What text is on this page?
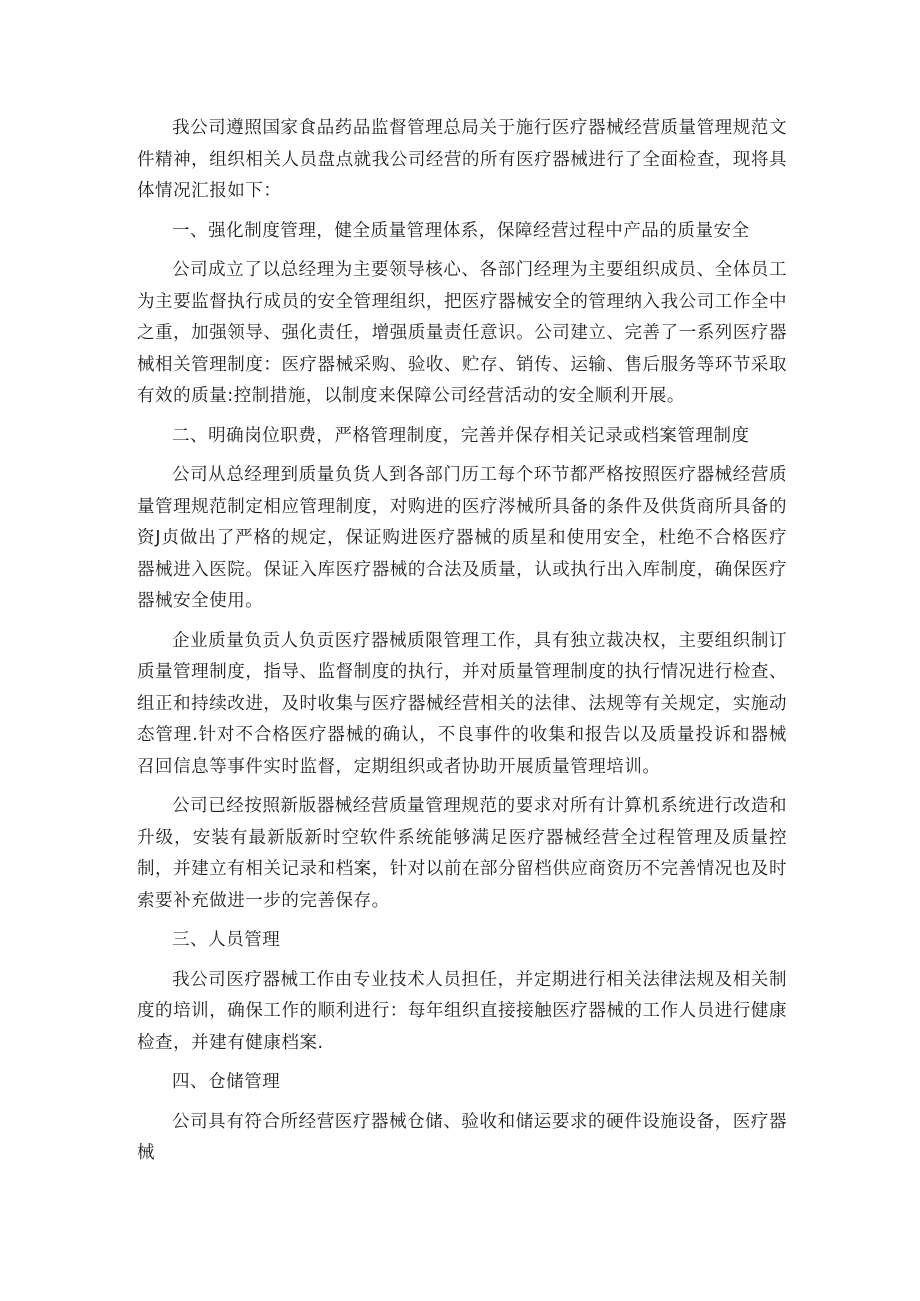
我公司遵照国家食品药品监督管理总局关于施行医疗器械经营质量管理规范文件精神，组织相关人员盘点就我公司经营的所有医疗器械进行了全面检查，现将具体情况汇报如下：

一、强化制度管理，健全质量管理体系，保障经营过程中产品的质量安全

公司成立了以总经理为主要领导核心、各部门经理为主要组织成员、全体员工为主要监督执行成员的安全管理组织，把医疗器械安全的管理纳入我公司工作全中之重，加强领导、强化责任，增强质量责任意识。公司建立、完善了一系列医疗器械相关管理制度：医疗器械采购、验收、贮存、销传、运输、售后服务等环节采取有效的质量:控制措施，以制度来保障公司经营活动的安全顺利开展。

二、明确岗位职费，严格管理制度，完善并保存相关记录或档案管理制度

公司从总经理到质量负货人到各部门历工每个环节都严格按照医疗器械经营质量管理规范制定相应管理制度，对购进的医疗涔械所具备的条件及供货商所具备的资J贞做出了严格的规定，保证购进医疗器械的质星和使用安全，杜绝不合格医疗器械进入医院。保证入库医疗器械的合法及质量，认或执行出入库制度，确保医疗器械安全使用。

企业质量负贡人负贡医疗器械质限管理工作，具有独立裁决权，主要组织制订质量管理制度，指导、监督制度的执行，并对质量管理制度的执行情况进行检查、组正和持续改进，及时收集与医疗器械经营相关的法律、法规等有关规定，实施动态管理.针对不合格医疗器械的确认，不良事件的收集和报告以及质量投诉和器械召回信息等事件实时监督，定期组织或者协助开展质量管理培训。

公司已经按照新版器械经营质量管理规范的要求对所有计算机系统进行改造和升级，安装有最新版新时空软件系统能够满足医疗器械经营全过程管理及质量控制，并建立有相关记录和档案，针对以前在部分留档供应商资历不完善情况也及时索要补充做进一步的完善保存。

三、人员管理

我公司医疗器械工作由专业技术人员担任，并定期进行相关法律法规及相关制度的培训，确保工作的顺利进行：每年组织直接接触医疗器械的工作人员进行健康检查，并建有健康档案.

四、仓储管理

公司具有符合所经营医疗器械仓储、验收和储运要求的硬件设施设备，医疗器械
